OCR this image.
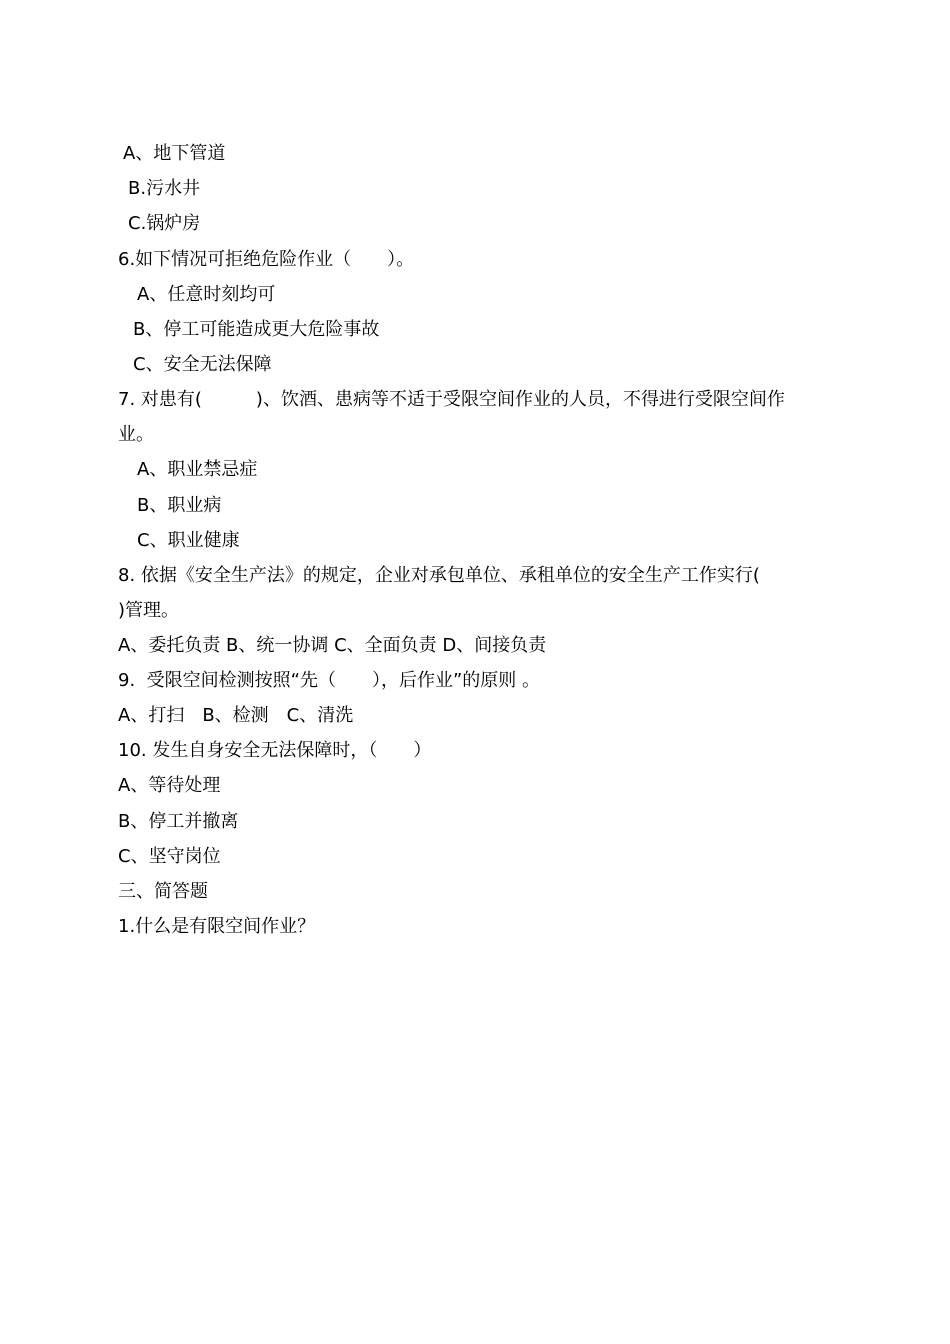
A、地下管道
B.污水井
C.锅炉房
6.如下情况可拒绝危险作业（　　）。
A、任意时刻均可
B、停工可能造成更大危险事故
C、安全无法保障
7. 对患有(　　　)、饮酒、患病等不适于受限空间作业的人员，不得进行受限空间作
业。
A、职业禁忌症
B、职业病
C、职业健康
8. 依据《安全生产法》的规定，企业对承包单位、承租单位的安全生产工作实行(
)管理。
A、委托负责 B、统一协调 C、全面负责 D、间接负责
9.  受限空间检测按照“先（　　），后作业”的原则 。
A、打扫　B、检测　C、清洗
10. 发生自身安全无法保障时，（　　）
A、等待处理
B、停工并撤离
C、坚守岗位
三、简答题
1.什么是有限空间作业？
